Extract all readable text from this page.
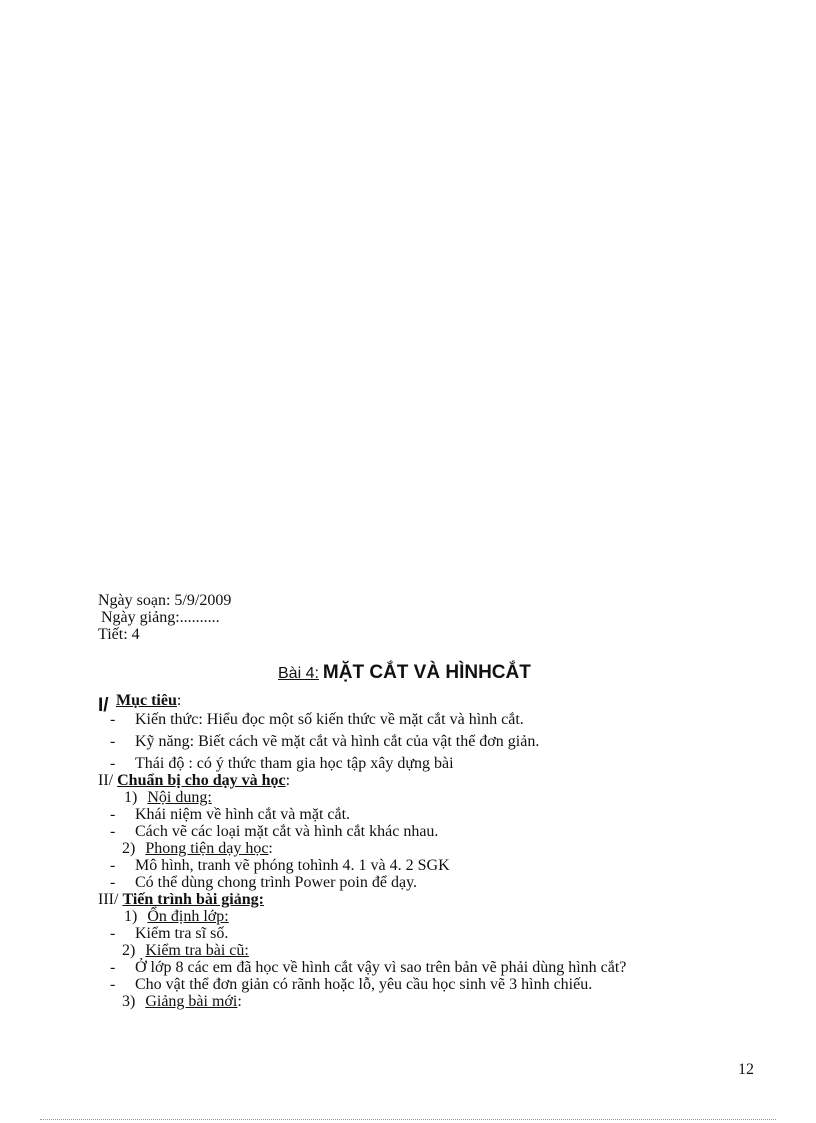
Ngày soạn: 5/9/2009
Ngày giảng:..........
Tiết: 4
Bài 4: MẶT CẮT VÀ HÌNHCẮT
I/ Mục tiêu:
- Kiến thức: Hiểu đọc một số kiến thức về mặt cắt và hình cắt.
- Kỹ năng: Biết cách vẽ mặt cắt và hình cắt của vật thể đơn giản.
- Thái độ : có ý thức tham gia học tập xây dựng bài
II/ Chuẩn bị cho dạy và học:
1) Nội dung:
- Khái niệm về hình cắt và mặt cắt.
- Cách vẽ các loại mặt cắt và hình cắt khác nhau.
2) Phong tiện dạy học:
- Mô hình, tranh vẽ phóng tohình 4. 1 và 4. 2 SGK
- Có thể dùng chong trình Power poin để dạy.
III/ Tiến trình bài giảng:
1) Ổn định lớp:
- Kiểm tra sĩ số.
2) Kiểm tra bài cũ:
- Ở lớp 8 các em đã học về hình cắt vậy vì sao trên bản vẽ phải dùng hình cắt?
- Cho vật thể đơn giản có rãnh hoặc lỗ, yêu cầu học sinh vẽ 3 hình chiếu.
3) Giảng bài mới:
12
